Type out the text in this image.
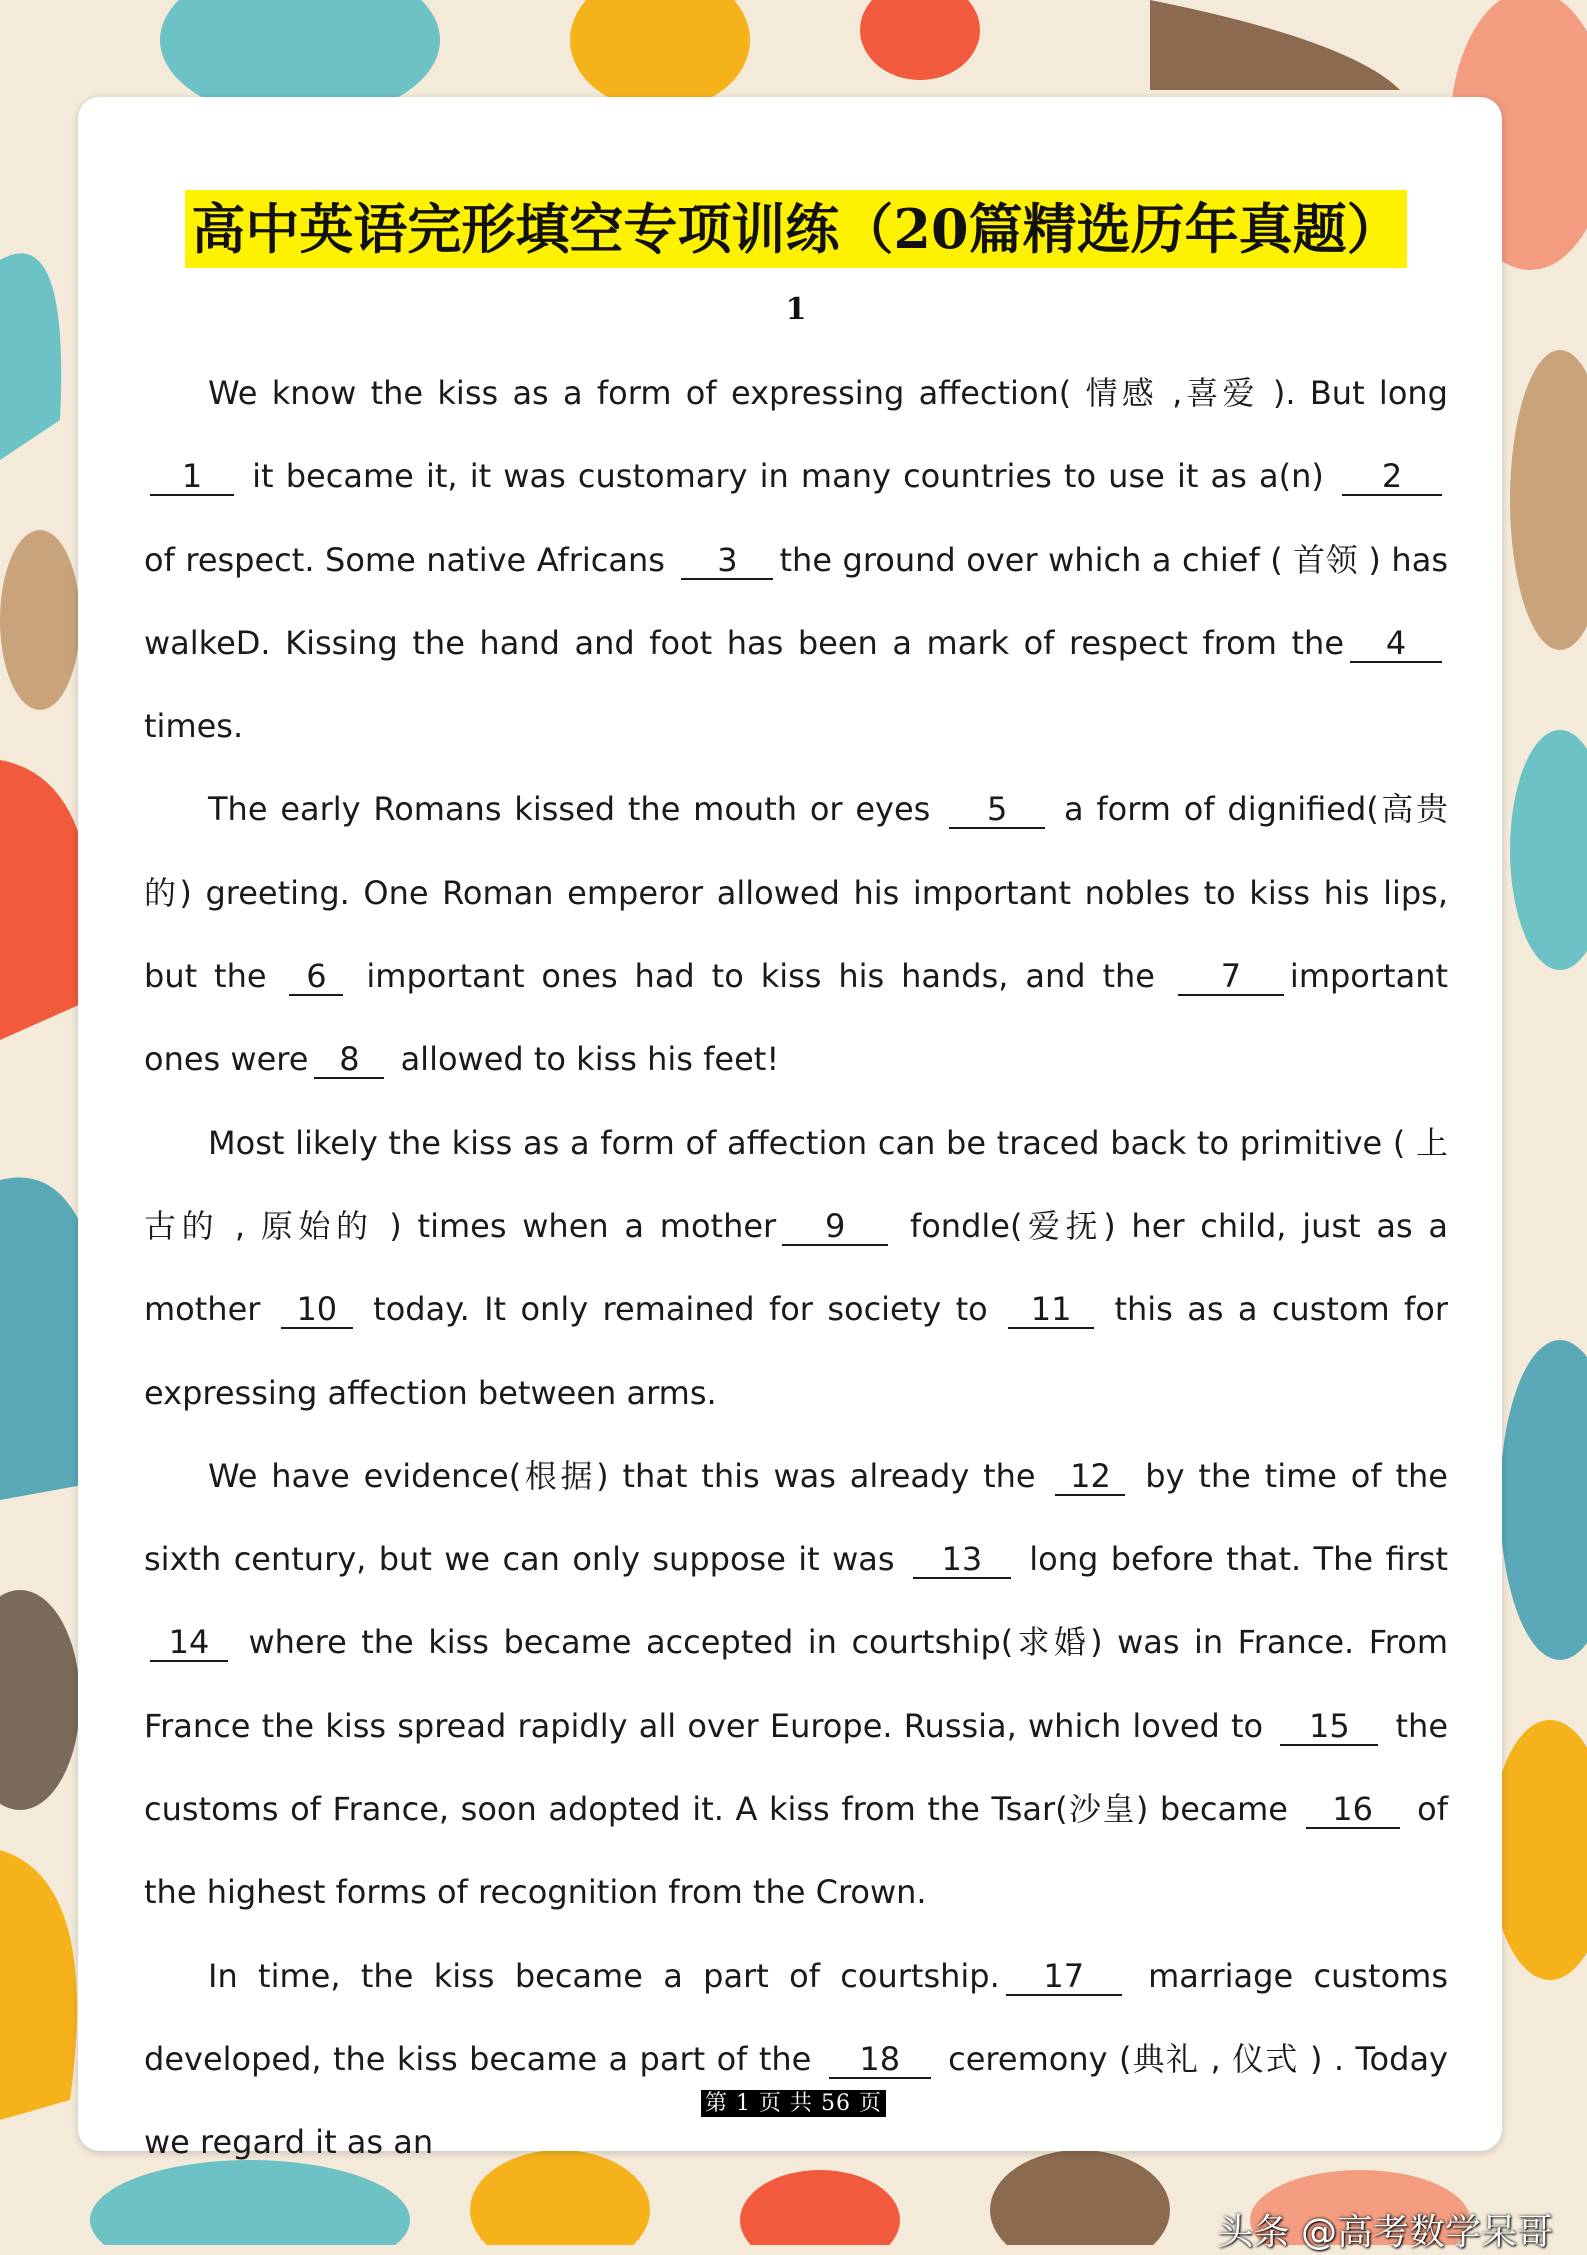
高中英语完形填空专项训练（20篇精选历年真题）
1

We know the kiss as a form of expressing affection( 情感 ,喜爱 ). But long 1 it became it, it was customary in many countries to use it as a(n) 2 of respect. Some native Africans 3 the ground over which a chief ( 首领 ) has walkeD. Kissing the hand and foot has been a mark of respect from the 4 times.

The early Romans kissed the mouth or eyes 5 a form of dignified(高贵的) greeting. One Roman emperor allowed his important nobles to kiss his lips, but the 6 important ones had to kiss his hands, and the 7 important ones were 8 allowed to kiss his feet!

Most likely the kiss as a form of affection can be traced back to primitive ( 上古的 , 原始的 ) times when a mother 9 fondle(爱抚) her child, just as a mother 10 today. It only remained for society to 11 this as a custom for expressing affection between arms.

We have evidence(根据) that this was already the 12 by the time of the sixth century, but we can only suppose it was 13 long before that. The first 14 where the kiss became accepted in courtship(求婚) was in France. From France the kiss spread rapidly all over Europe. Russia, which loved to 15 the customs of France, soon adopted it. A kiss from the Tsar(沙皇) became 16 of the highest forms of recognition from the Crown.

In time, the kiss became a part of courtship. 17 marriage customs developed, the kiss became a part of the 18 ceremony (典礼 , 仪式 ) . Today we regard it as an

第 1 页 共 56 页
头条 @高考数学呆哥
